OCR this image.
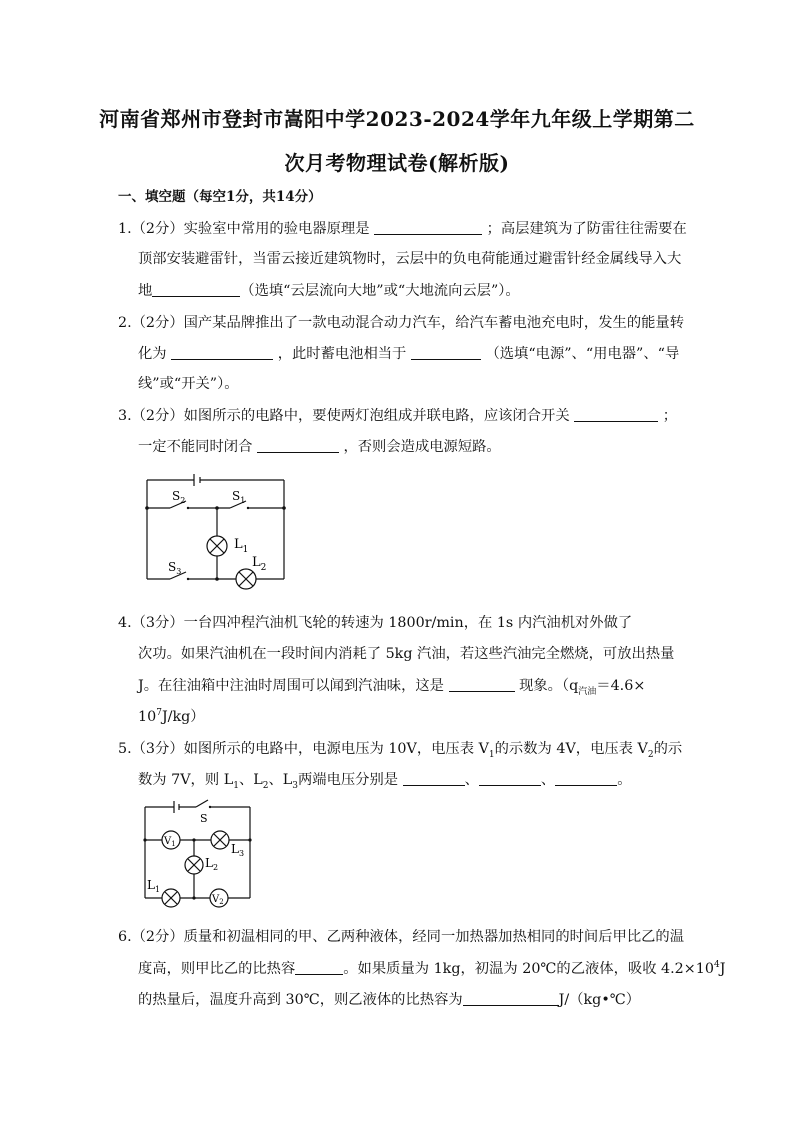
河南省郑州市登封市嵩阳中学2023-2024学年九年级上学期第二
次月考物理试卷(解析版)
一、填空题（每空1分，共14分）
1.（2分）实验室中常用的验电器原理是	；高层建筑为了防雷往往需要在
顶部安装避雷针，当雷云接近建筑物时，云层中的负电荷能通过避雷针经金属线导入大
地	（选填“云层流向大地”或“大地流向云层”）。
2.（2分）国产某品牌推出了一款电动混合动力汽车，给汽车蓄电池充电时，发生的能量转
化为	，此时蓄电池相当于	（选填“电源”、“用电器”、“导
线”或“开关”）。
3.（2分）如图所示的电路中，要使两灯泡组成并联电路，应该闭合开关	；
一定不能同时闭合	，否则会造成电源短路。
$S_2$	$S_1$
$L_1$
$S_3$
$L_2$
4.（3分）一台四冲程汽油机飞轮的转速为 1800r/min，在 1s 内汽油机对外做了
次功。如果汽油机在一段时间内消耗了 5kg 汽油，若这些汽油完全燃烧，可放出热量
J。在往油箱中注油时周围可以闻到汽油味，这是	现象。（$q_{汽油}=4.6\times$
$10^7J/kg$）
5.（3分）如图所示的电路中，电源电压为 10V，电压表 $V_1$的示数为 4V，电压表 $V_2$的示
数为 7V，则 $L_1$、$L_2$、$L_3$两端电压分别是	、	、	。
$V_1$
$V_2$
S
$L_3$
$L_2$
$L_1$
6.（2分）质量和初温相同的甲、乙两种液体，经同一加热器加热相同的时间后甲比乙的温
度高，则甲比乙的比热容	。如果质量为 1kg，初温为 20℃的乙液体，吸收 $4.2\times 10^4J$
的热量后，温度升高到 30℃，则乙液体的比热容为	J/（kg•℃）
